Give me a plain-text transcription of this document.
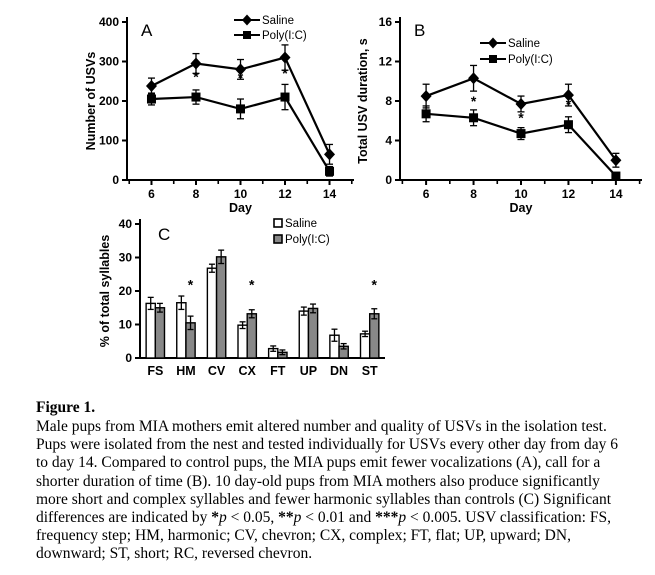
0
100
200
300
400
Number of USVs
A
6	8	10	12	14
Day
*	*	*
Saline
Poly(I:C)
0
4
8
12
16
Total USV duration, s
B
6	8	10	12	14
Day
*
*
*
Saline
Poly(I:C)
0
10
20
30
40
% of total syllables
C
FS HM
*
CV CX
*
FT UP DN ST
*
Saline
Poly(I:C)
Figure 1.
Male pups from MIA mothers emit altered number and quality of USVs in the isolation test. Pups were isolated from the nest and tested individually for USVs every other day from day 6 to day 14. Compared to control pups, the MIA pups emit fewer vocalizations (A), call for a shorter duration of time (B). 10 day-old pups from MIA mothers also produce significantly more short and complex syllables and fewer harmonic syllables than controls (C) Significant differences are indicated by *p < 0.05, **p < 0.01 and ***p < 0.005. USV classification: FS, frequency step; HM, harmonic; CV, chevron; CX, complex; FT, flat; UP, upward; DN, downward; ST, short; RC, reversed chevron.
